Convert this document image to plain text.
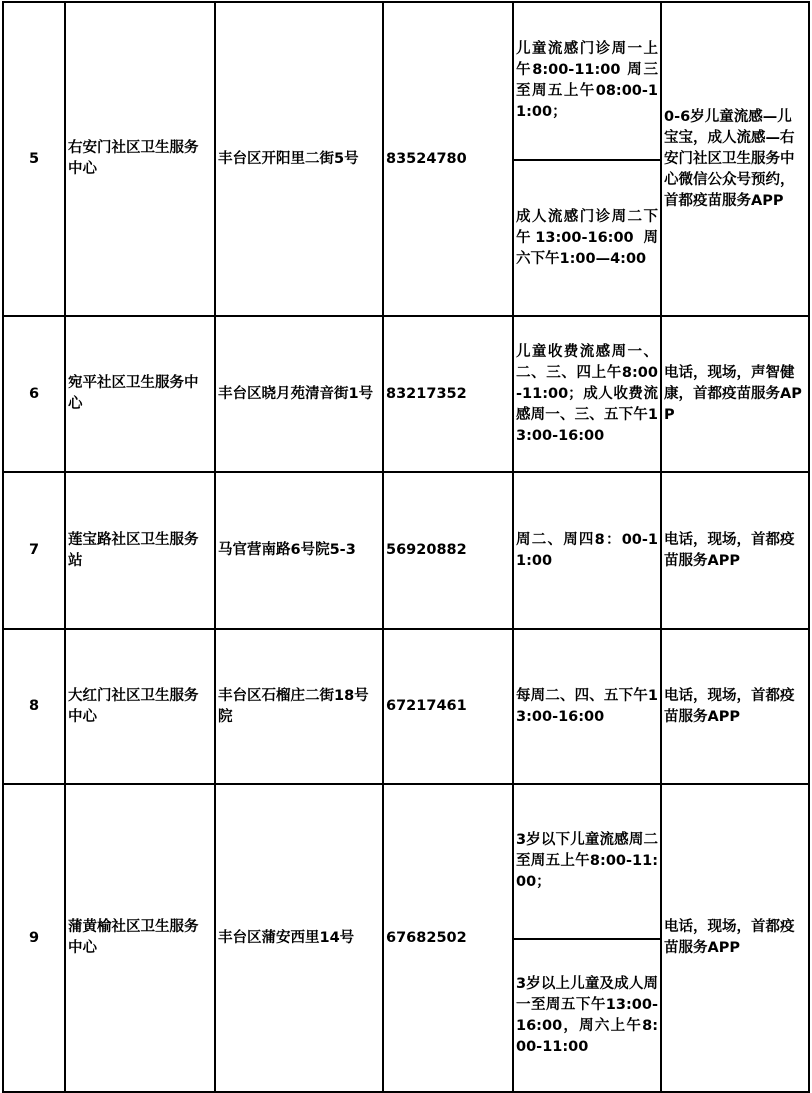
5	右安门社区卫生服务中心	丰台区开阳里二街5号	83524780	儿童流感门诊周一上午8:00-11:00 周三至周五上午08:00-11:00；	0-6岁儿童流感—儿宝宝，成人流感—右安门社区卫生服务中心微信公众号预约，首都疫苗服务APP
				成人流感门诊周二下午13:00-16:00 周六下午1:00—4:00	
6	宛平社区卫生服务中心	丰台区晓月苑清音街1号	83217352	儿童收费流感周一、二、三、四上午8:00-11:00；成人收费流感周一、三、五下午13:00-16:00	电话，现场，声智健康，首都疫苗服务APP
7	莲宝路社区卫生服务站	马官营南路6号院5-3	56920882	周二、周四8：00-11:00	电话，现场，首都疫苗服务APP
8	大红门社区卫生服务中心	丰台区石榴庄二街18号院	67217461	每周二、四、五下午13:00-16:00	电话，现场，首都疫苗服务APP
9	蒲黄榆社区卫生服务中心	丰台区蒲安西里14号	67682502	3岁以下儿童流感周二至周五上午8:00-11:00；	电话，现场，首都疫苗服务APP
				3岁以上儿童及成人周一至周五下午13:00-16:00，周六上午8:00-11:00	
